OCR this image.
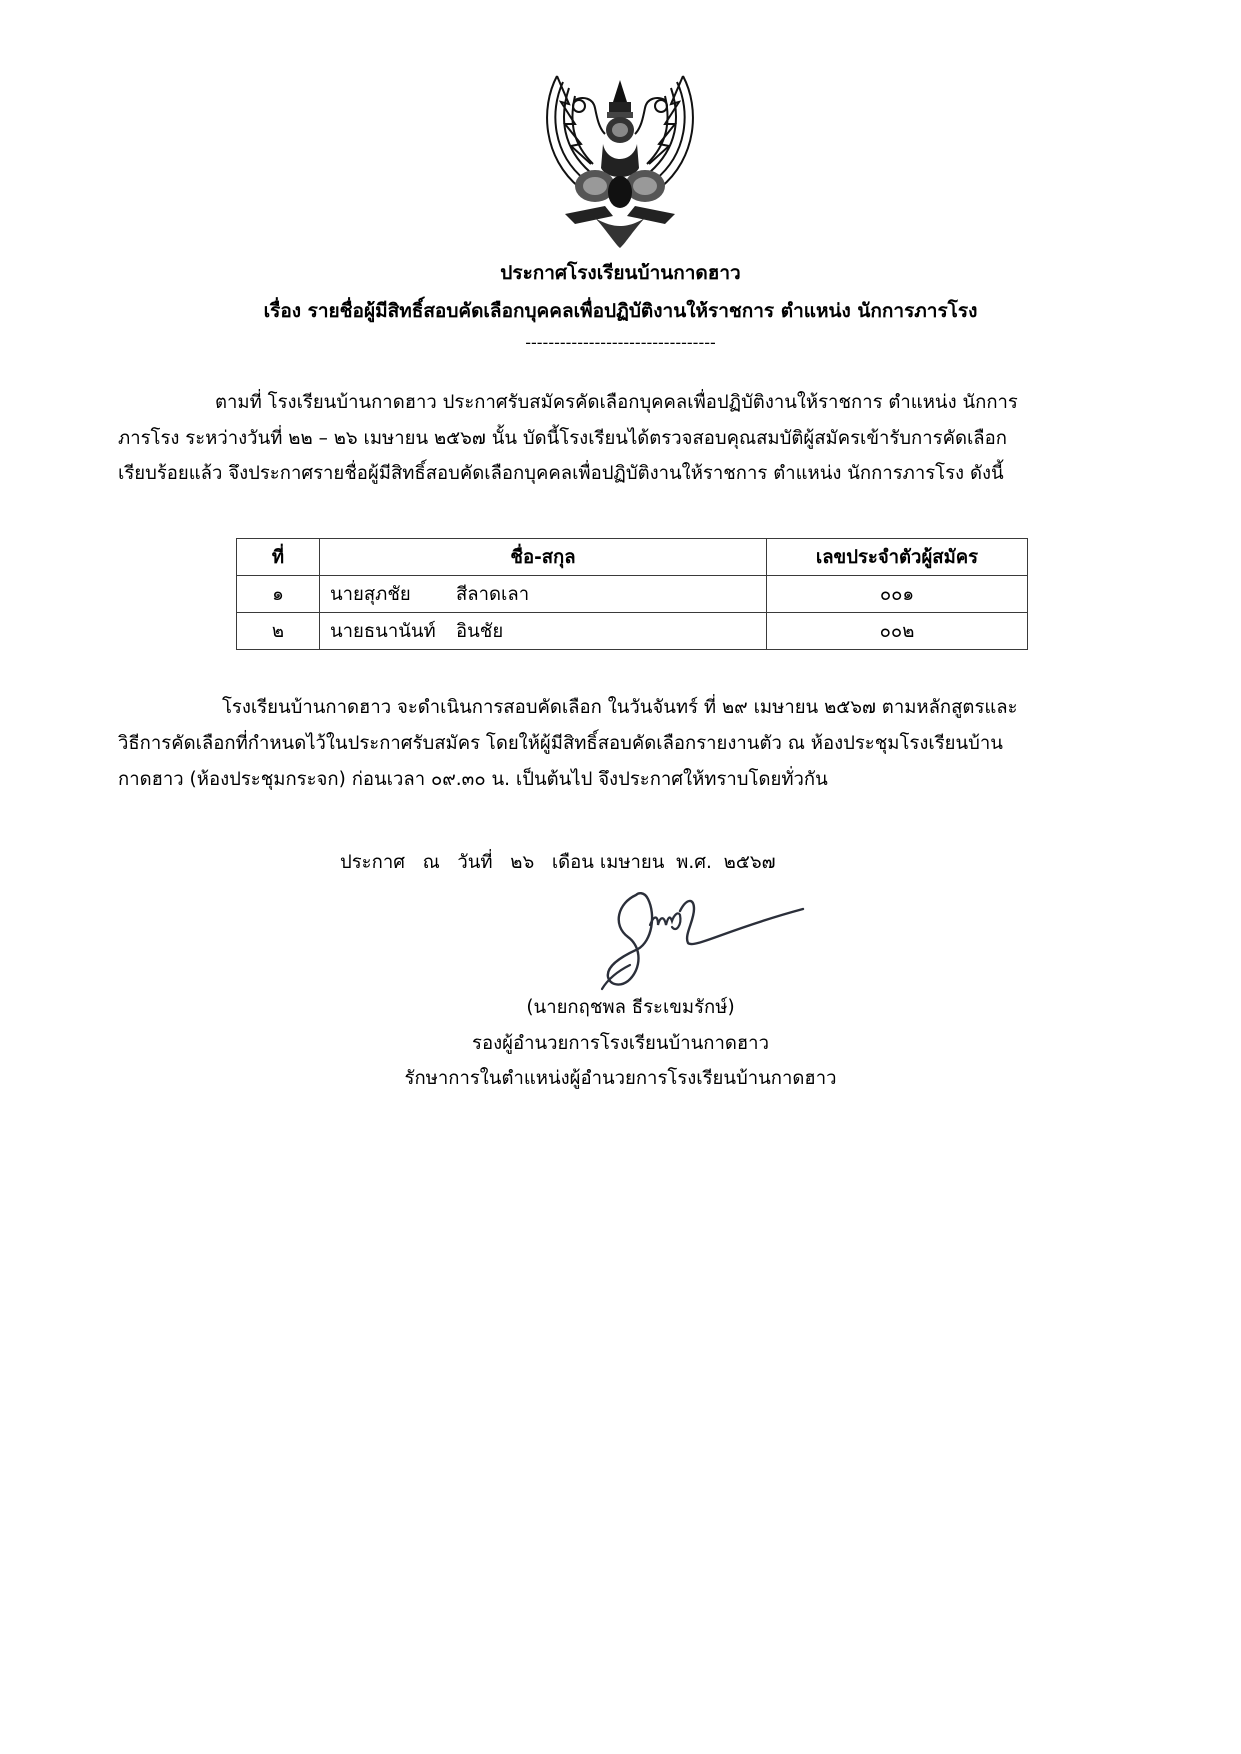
ประกาศโรงเรียนบ้านกาดฮาว
เรื่อง รายชื่อผู้มีสิทธิ์สอบคัดเลือกบุคคลเพื่อปฏิบัติงานให้ราชการ ตำแหน่ง นักการภารโรง
---------------------------------
ตามที่ โรงเรียนบ้านกาดฮาว ประกาศรับสมัครคัดเลือกบุคคลเพื่อปฏิบัติงานให้ราชการ ตำแหน่ง นักการ
ภารโรง ระหว่างวันที่ ๒๒ – ๒๖ เมษายน ๒๕๖๗ นั้น บัดนี้โรงเรียนได้ตรวจสอบคุณสมบัติผู้สมัครเข้ารับการคัดเลือก
เรียบร้อยแล้ว จึงประกาศรายชื่อผู้มีสิทธิ์สอบคัดเลือกบุคคลเพื่อปฏิบัติงานให้ราชการ ตำแหน่ง นักการภารโรง ดังนี้
ที่	ชื่อ-สกุล	เลขประจำตัวผู้สมัคร
๑	นายสุภชัย สีลาดเลา	๐๐๑
๒	นายธนานันท์ อินชัย	๐๐๒
โรงเรียนบ้านกาดฮาว จะดำเนินการสอบคัดเลือก ในวันจันทร์ ที่ ๒๙ เมษายน ๒๕๖๗ ตามหลักสูตรและ
วิธีการคัดเลือกที่กำหนดไว้ในประกาศรับสมัคร โดยให้ผู้มีสิทธิ์สอบคัดเลือกรายงานตัว ณ ห้องประชุมโรงเรียนบ้าน
กาดฮาว (ห้องประชุมกระจก) ก่อนเวลา ๐๙.๓๐ น. เป็นต้นไป จึงประกาศให้ทราบโดยทั่วกัน
ประกาศ   ณ   วันที่   ๒๖   เดือน เมษายน  พ.ศ.  ๒๕๖๗
(นายกฤชพล ธีระเขมรักษ์)
รองผู้อำนวยการโรงเรียนบ้านกาดฮาว
รักษาการในตำแหน่งผู้อำนวยการโรงเรียนบ้านกาดฮาว
